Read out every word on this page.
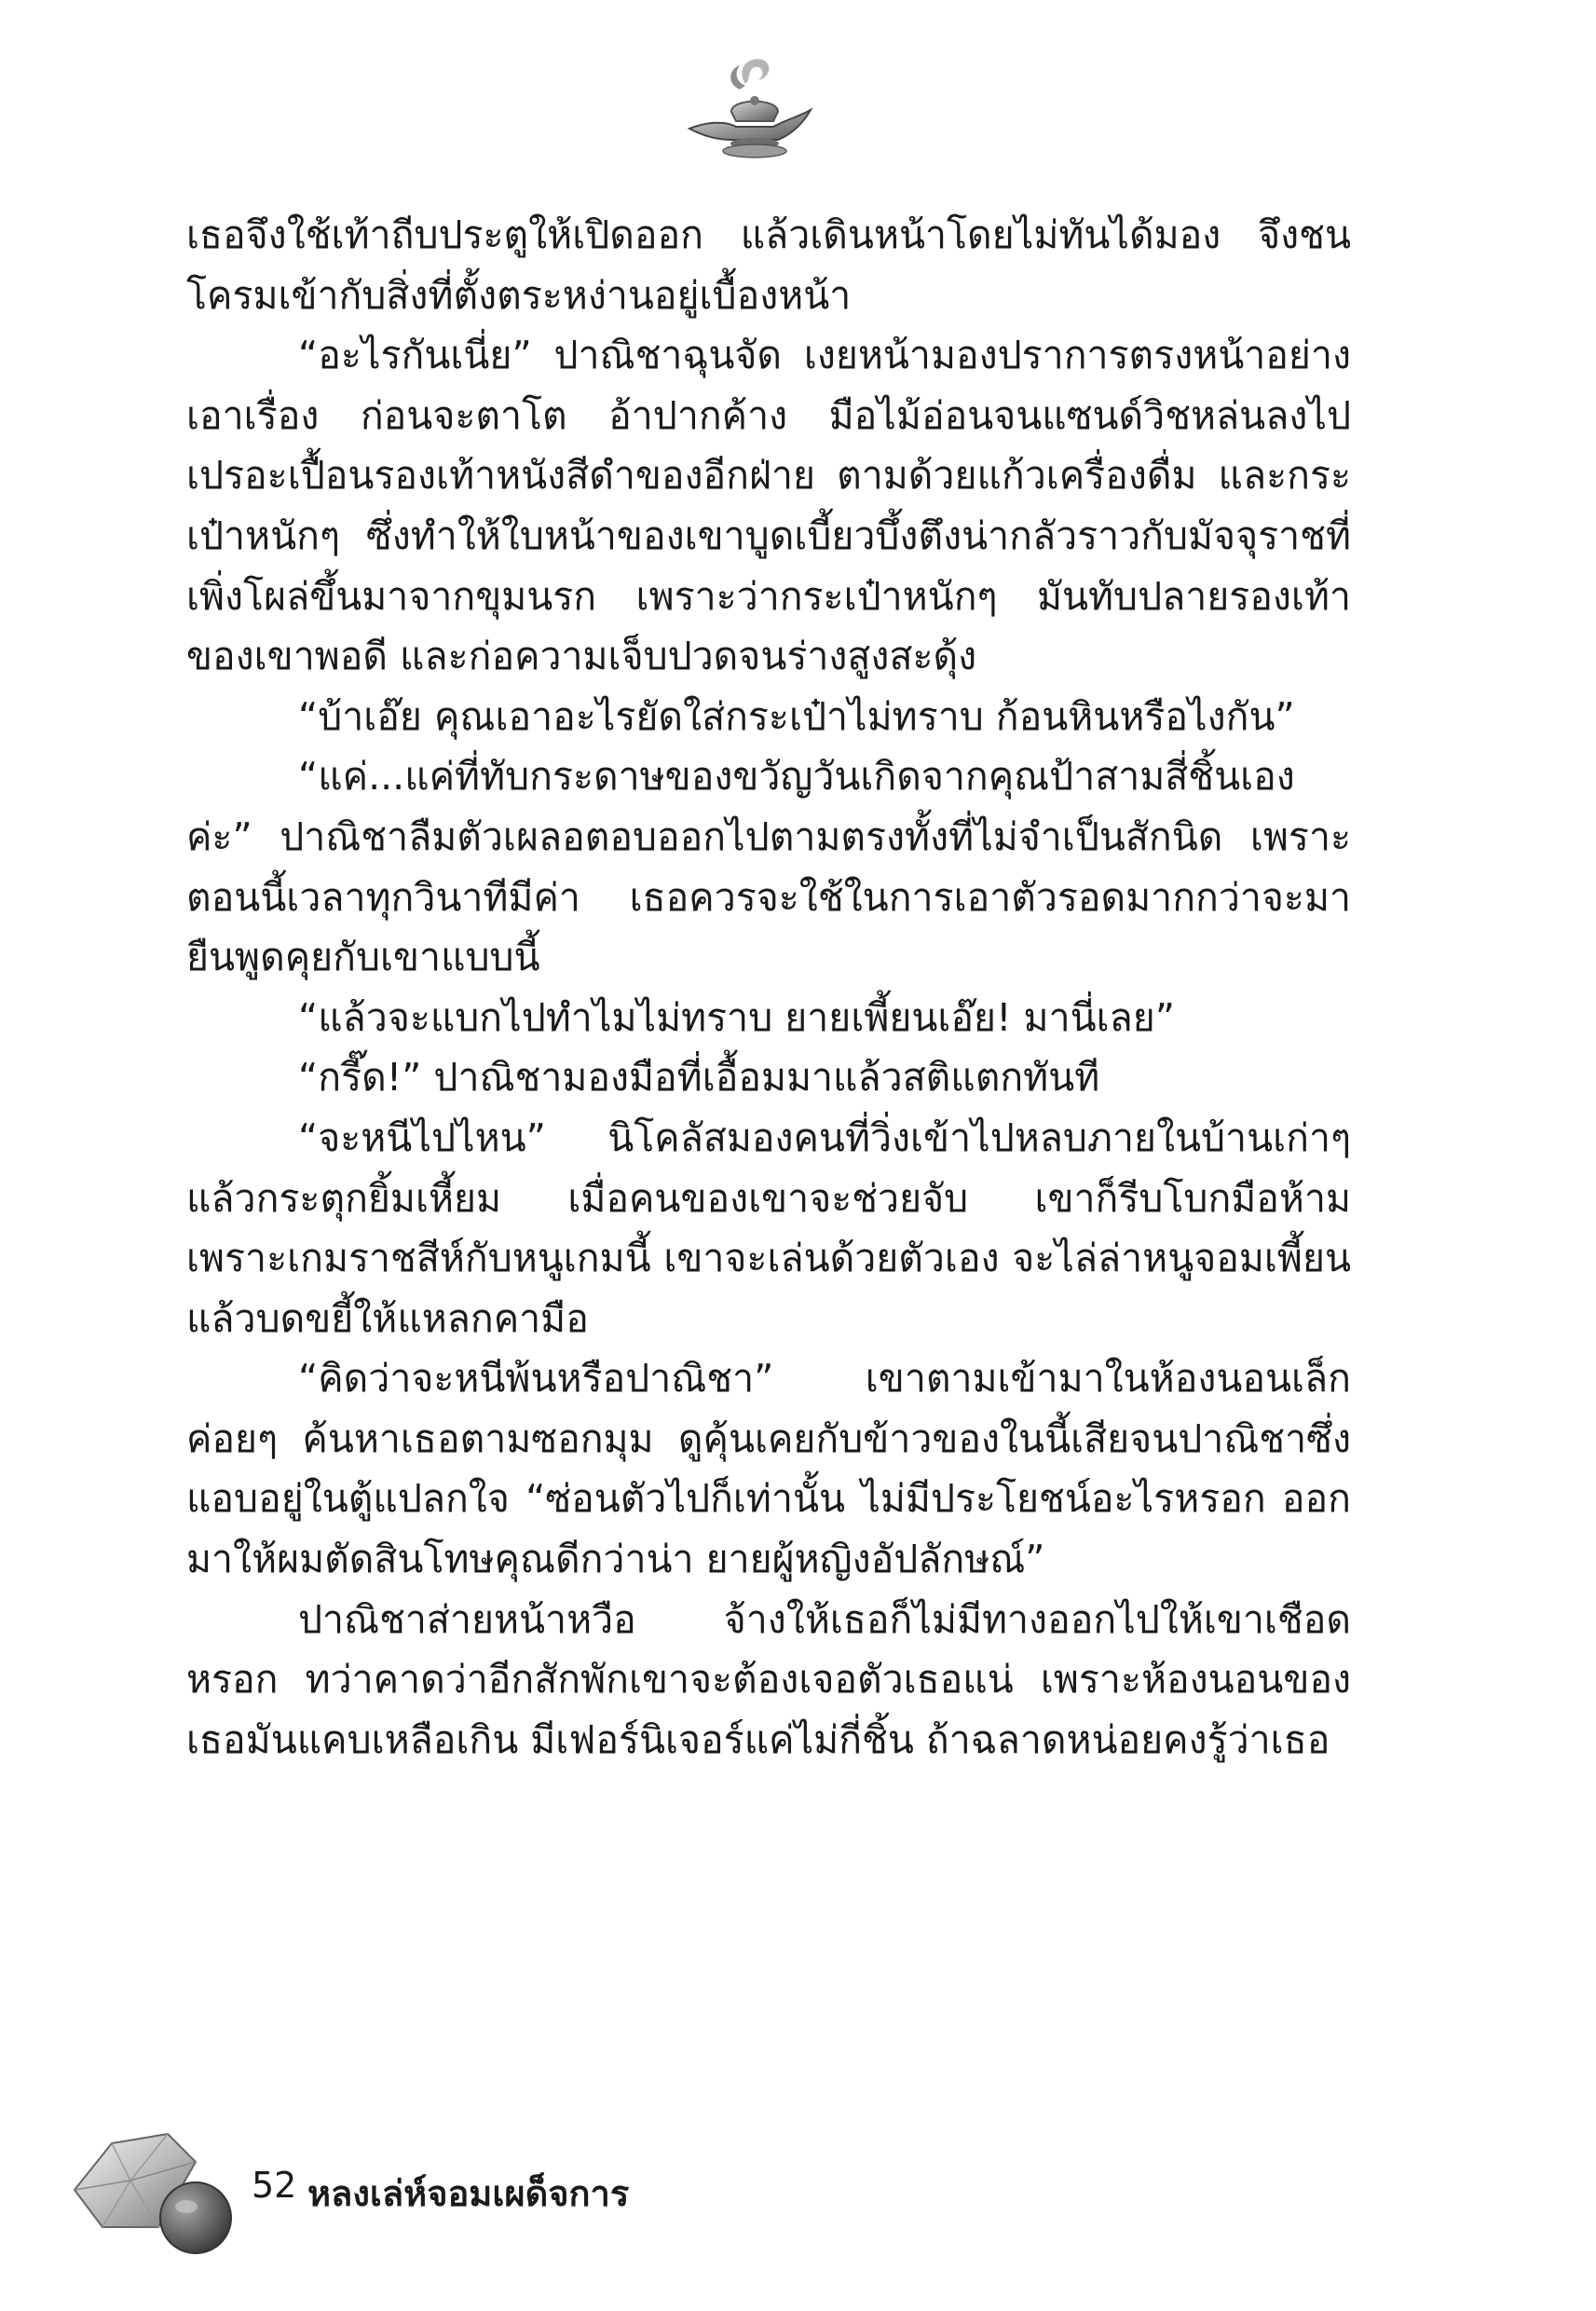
เธอจึงใช้เท้าถีบประตูให้เปิดออก แล้วเดินหน้าโดยไม่ทันได้มอง จึงชนโครมเข้ากับสิ่งที่ตั้งตระหง่านอยู่เบื้องหน้า

“อะไรกันเนี่ย” ปาณิชาฉุนจัด เงยหน้ามองปราการตรงหน้าอย่างเอาเรื่อง ก่อนจะตาโต อ้าปากค้าง มือไม้อ่อนจนแซนด์วิชหล่นลงไปเปรอะเปื้อนรองเท้าหนังสีดำของอีกฝ่าย ตามด้วยแก้วเครื่องดื่ม และกระเป๋าหนักๆ ซึ่งทำให้ใบหน้าของเขาบูดเบี้ยวบึ้งตึงน่ากลัวราวกับมัจจุราชที่เพิ่งโผล่ขึ้นมาจากขุมนรก เพราะว่ากระเป๋าหนักๆ มันทับปลายรองเท้าของเขาพอดี และก่อความเจ็บปวดจนร่างสูงสะดุ้ง

“บ้าเอ๊ย คุณเอาอะไรยัดใส่กระเป๋าไม่ทราบ ก้อนหินหรือไงกัน”

“แค่...แค่ที่ทับกระดาษของขวัญวันเกิดจากคุณป้าสามสี่ชิ้นเองค่ะ” ปาณิชาลืมตัวเผลอตอบออกไปตามตรงทั้งที่ไม่จำเป็นสักนิด เพราะตอนนี้เวลาทุกวินาทีมีค่า เธอควรจะใช้ในการเอาตัวรอดมากกว่าจะมายืนพูดคุยกับเขาแบบนี้

“แล้วจะแบกไปทำไมไม่ทราบ ยายเพี้ยนเอ๊ย! มานี่เลย”

“กรี๊ด!” ปาณิชามองมือที่เอื้อมมาแล้วสติแตกทันที

“จะหนีไปไหน” นิโคลัสมองคนที่วิ่งเข้าไปหลบภายในบ้านเก่าๆ แล้วกระตุกยิ้มเหี้ยม เมื่อคนของเขาจะช่วยจับ เขาก็รีบโบกมือห้าม เพราะเกมราชสีห์กับหนูเกมนี้ เขาจะเล่นด้วยตัวเอง จะไล่ล่าหนูจอมเพี้ยน แล้วบดขยี้ให้แหลกคามือ

“คิดว่าจะหนีพ้นหรือปาณิชา” เขาตามเข้ามาในห้องนอนเล็ก ค่อยๆ ค้นหาเธอตามซอกมุม ดูคุ้นเคยกับข้าวของในนี้เสียจนปาณิชาซึ่งแอบอยู่ในตู้แปลกใจ “ซ่อนตัวไปก็เท่านั้น ไม่มีประโยชน์อะไรหรอก ออกมาให้ผมตัดสินโทษคุณดีกว่าน่า ยายผู้หญิงอัปลักษณ์”

ปาณิชาส่ายหน้าหวือ จ้างให้เธอก็ไม่มีทางออกไปให้เขาเชือดหรอก ทว่าคาดว่าอีกสักพักเขาจะต้องเจอตัวเธอแน่ เพราะห้องนอนของเธอมันแคบเหลือเกิน มีเฟอร์นิเจอร์แค่ไม่กี่ชิ้น ถ้าฉลาดหน่อยคงรู้ว่าเธอ

52 หลงเล่ห์จอมเผด็จการ
